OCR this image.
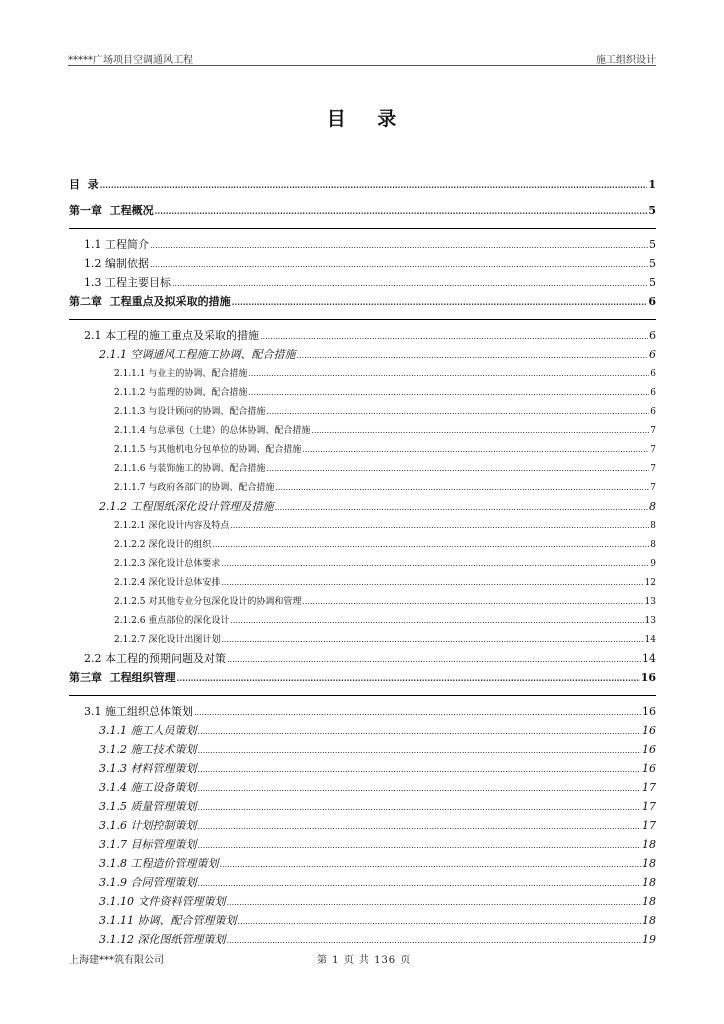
*****广场项目空调通风工程	施工组织设计
目    录
目  录 .....	1
第一章  工程概况 .....	5
1.1 工程简介 .....	5
1.2 编制依据 .....	5
1.3 工程主要目标 .....	5
第二章  工程重点及拟采取的措施 .....	6
2.1 本工程的施工重点及采取的措施 .....	6
2.1.1 空调通风工程施工协调、配合措施 .....	6
2.1.1.1 与业主的协调、配合措施 .....	6
2.1.1.2 与监理的协调、配合措施 .....	6
2.1.1.3 与设计顾问的协调、配合措施 .....	6
2.1.1.4 与总承包（土建）的总体协调、配合措施 .....	7
2.1.1.5 与其他机电分包单位的协调、配合措施 .....	7
2.1.1.6 与装饰施工的协调、配合措施 .....	7
2.1.1.7 与政府各部门的协调、配合措施 .....	7
2.1.2 工程图纸深化设计管理及措施 .....	8
2.1.2.1 深化设计内容及特点 .....	8
2.1.2.2 深化设计的组织 .....	8
2.1.2.3 深化设计总体要求 .....	9
2.1.2.4 深化设计总体安排 .....	12
2.1.2.5 对其他专业分包深化设计的协调和管理 .....	13
2.1.2.6 重点部位的深化设计 .....	13
2.1.2.7 深化设计出图计划 .....	14
2.2 本工程的预期问题及对策 .....	14
第三章  工程组织管理 .....	16
3.1 施工组织总体策划 .....	16
3.1.1 施工人员策划 .....	16
3.1.2 施工技术策划 .....	16
3.1.3 材料管理策划 .....	16
3.1.4 施工设备策划 .....	17
3.1.5 质量管理策划 .....	17
3.1.6 计划控制策划 .....	17
3.1.7 目标管理策划 .....	18
3.1.8 工程造价管理策划 .....	18
3.1.9 合同管理策划 .....	18
3.1.10 文件资料管理策划 .....	18
3.1.11 协调、配合管理策划 .....	18
3.1.12 深化图纸管理策划 .....	19
上海建***筑有限公司	第 1 页 共 136 页
